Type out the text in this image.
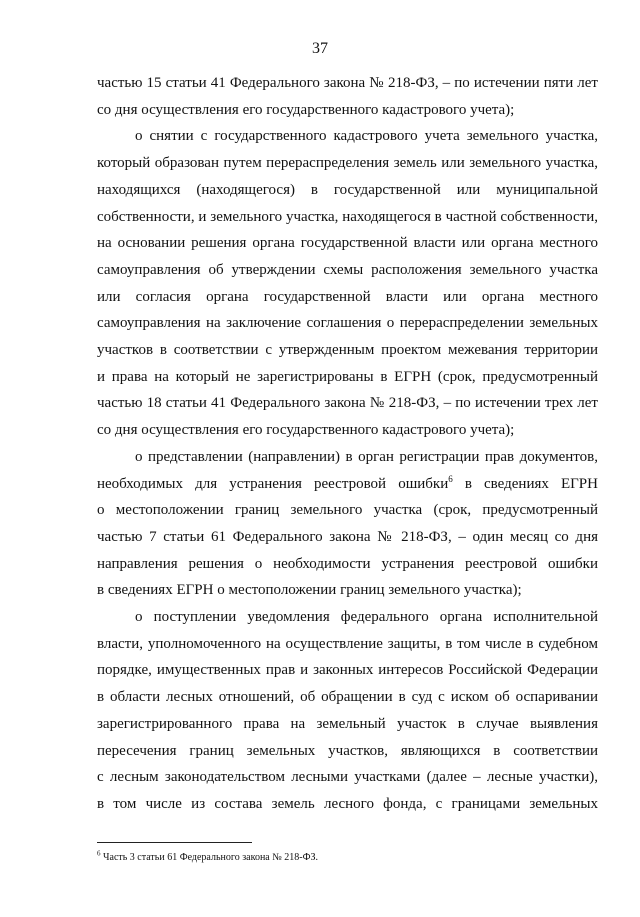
37
частью 15 статьи 41 Федерального закона № 218-ФЗ, – по истечении пяти лет
со дня осуществления его государственного кадастрового учета);
о снятии с государственного кадастрового учета земельного участка,
который образован путем перераспределения земель или земельного участка,
находящихся (находящегося) в государственной или муниципальной
собственности, и земельного участка, находящегося в частной собственности,
на основании решения органа государственной власти или органа местного
самоуправления об утверждении схемы расположения земельного участка
или согласия органа государственной власти или органа местного
самоуправления на заключение соглашения о перераспределении земельных
участков в соответствии с утвержденным проектом межевания территории
и права на который не зарегистрированы в ЕГРН (срок, предусмотренный
частью 18 статьи 41 Федерального закона № 218-ФЗ, – по истечении трех лет
со дня осуществления его государственного кадастрового учета);
о представлении (направлении) в орган регистрации прав документов,
необходимых для устранения реестровой ошибки$^6$ в сведениях ЕГРН
о местоположении границ земельного участка (срок, предусмотренный
частью 7 статьи 61 Федерального закона № 218-ФЗ, – один месяц со дня
направления решения о необходимости устранения реестровой ошибки
в сведениях ЕГРН о местоположении границ земельного участка);
о поступлении уведомления федерального органа исполнительной
власти, уполномоченного на осуществление защиты, в том числе в судебном
порядке, имущественных прав и законных интересов Российской Федерации
в области лесных отношений, об обращении в суд с иском об оспаривании
зарегистрированного права на земельный участок в случае выявления
пересечения границ земельных участков, являющихся в соответствии
с лесным законодательством лесными участками (далее – лесные участки),
в том числе из состава земель лесного фонда, с границами земельных
$^6$ Часть 3 статьи 61 Федерального закона № 218-ФЗ.
